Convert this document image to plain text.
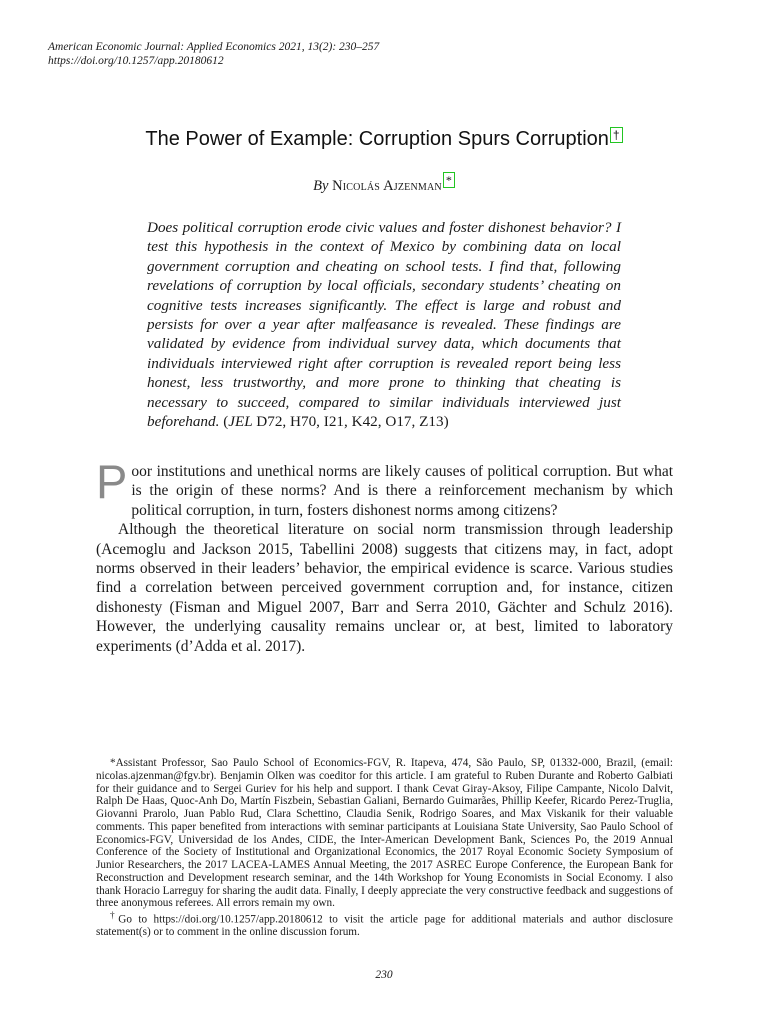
American Economic Journal: Applied Economics 2021, 13(2): 230–257
https://doi.org/10.1257/app.20180612
The Power of Example: Corruption Spurs Corruption †
By Nicolás Ajzenman *
Does political corruption erode civic values and foster dishonest behavior? I test this hypothesis in the context of Mexico by combining data on local government corruption and cheating on school tests. I find that, following revelations of corruption by local officials, secondary students’ cheating on cognitive tests increases significantly. The effect is large and robust and persists for over a year after malfeasance is revealed. These findings are validated by evidence from individual survey data, which documents that individuals interviewed right after corruption is revealed report being less honest, less trustworthy, and more prone to thinking that cheating is necessary to succeed, compared to similar individuals interviewed just beforehand. (JEL D72, H70, I21, K42, O17, Z13)

Poor institutions and unethical norms are likely causes of political corruption. But what is the origin of these norms? And is there a reinforcement mechanism by which political corruption, in turn, fosters dishonest norms among citizens?

Although the theoretical literature on social norm transmission through leadership (Acemoglu and Jackson 2015, Tabellini 2008) suggests that citizens may, in fact, adopt norms observed in their leaders’ behavior, the empirical evidence is scarce. Various studies find a correlation between perceived government corruption and, for instance, citizen dishonesty (Fisman and Miguel 2007, Barr and Serra 2010, Gächter and Schulz 2016). However, the underlying causality remains unclear or, at best, limited to laboratory experiments (d’Adda et al. 2017).

*Assistant Professor, Sao Paulo School of Economics-FGV, R. Itapeva, 474, São Paulo, SP, 01332-000, Brazil, (email: nicolas.ajzenman@fgv.br). Benjamin Olken was coeditor for this article. I am grateful to Ruben Durante and Roberto Galbiati for their guidance and to Sergei Guriev for his help and support. I thank Cevat Giray-Aksoy, Filipe Campante, Nicolo Dalvit, Ralph De Haas, Quoc-Anh Do, Martín Fiszbein, Sebastian Galiani, Bernardo Guimarães, Phillip Keefer, Ricardo Perez-Truglia, Giovanni Prarolo, Juan Pablo Rud, Clara Schettino, Claudia Senik, Rodrigo Soares, and Max Viskanik for their valuable comments. This paper benefited from interactions with seminar participants at Louisiana State University, Sao Paulo School of Economics-FGV, Universidad de los Andes, CIDE, the Inter-American Development Bank, Sciences Po, the 2019 Annual Conference of the Society of Institutional and Organizational Economics, the 2017 Royal Economic Society Symposium of Junior Researchers, the 2017 LACEA-LAMES Annual Meeting, the 2017 ASREC Europe Conference, the European Bank for Reconstruction and Development research seminar, and the 14th Workshop for Young Economists in Social Economy. I also thank Horacio Larreguy for sharing the audit data. Finally, I deeply appreciate the very constructive feedback and suggestions of three anonymous referees. All errors remain my own.

†Go to https://doi.org/10.1257/app.20180612 to visit the article page for additional materials and author disclosure statement(s) or to comment in the online discussion forum.

230
